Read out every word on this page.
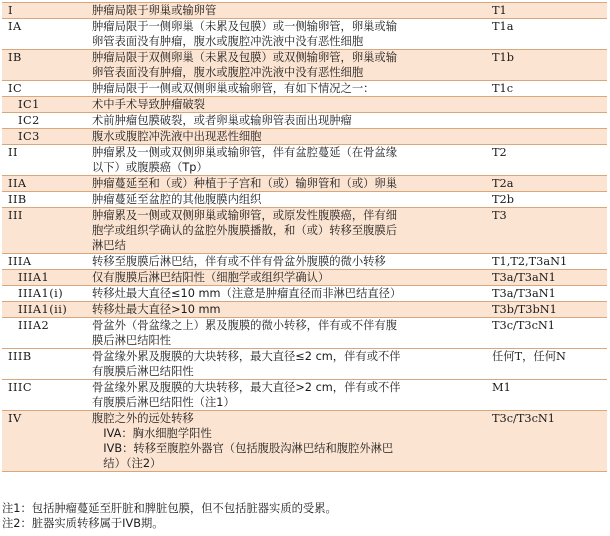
I	肿瘤局限于卵巢或输卵管	T1
IA	肿瘤局限于一侧卵巢（未累及包膜）或一侧输卵管，卵巢或输
卵管表面没有肿瘤，腹水或腹腔冲洗液中没有恶性细胞	T1a
IB	肿瘤局限于双侧卵巢（未累及包膜）或双侧输卵管，卵巢或输
卵管表面没有肿瘤，腹水或腹腔冲洗液中没有恶性细胞	T1b
IC	肿瘤局限于一侧或双侧卵巢或输卵管，有如下情况之一：	T1c
IC1	术中手术导致肿瘤破裂	

IC2	术前肿瘤包膜破裂，或者卵巢或输卵管表面出现肿瘤	

IC3	腹水或腹腔冲洗液中出现恶性细胞	

II	肿瘤累及一侧或双侧卵巢或输卵管，伴有盆腔蔓延（在骨盆缘
以下）或腹膜癌（Tp）	T2
IIA	肿瘤蔓延至和（或）种植于子宫和（或）输卵管和（或）卵巢	T2a
IIB	肿瘤蔓延至盆腔的其他腹膜内组织	T2b
III	肿瘤累及一侧或双侧卵巢或输卵管，或原发性腹膜癌，伴有细
胞学或组织学确认的盆腔外腹膜播散，和（或）转移至腹膜后
淋巴结	T3
IIIA	转移至腹膜后淋巴结，伴有或不伴有骨盆外腹膜的微小转移	T1,T2,T3aN1
IIIA1	仅有腹膜后淋巴结阳性（细胞学或组织学确认）	T3a/T3aN1
IIIA1(i)	转移灶最大直径≤10 mm（注意是肿瘤直径而非淋巴结直径）	T3a/T3aN1
IIIA1(ii)	转移灶最大直径>10 mm	T3b/T3bN1
IIIA2	骨盆外（骨盆缘之上）累及腹膜的微小转移，伴有或不伴有腹
膜后淋巴结阳性	T3c/T3cN1
IIIB	骨盆缘外累及腹膜的大块转移，最大直径≤2 cm，伴有或不伴
有腹膜后淋巴结阳性	任何T，任何N
IIIC	骨盆缘外累及腹膜的大块转移，最大直径>2 cm，伴有或不伴
有腹膜后淋巴结阳性（注1）	M1
IV	腹腔之外的远处转移
　IVA：胸水细胞学阳性
　IVB：转移至腹腔外器官（包括腹股沟淋巴结和腹腔外淋巴
　结）（注2）	T3c/T3cN1
注1：包括肿瘤蔓延至肝脏和脾脏包膜，但不包括脏器实质的受累。
注2：脏器实质转移属于IVB期。
